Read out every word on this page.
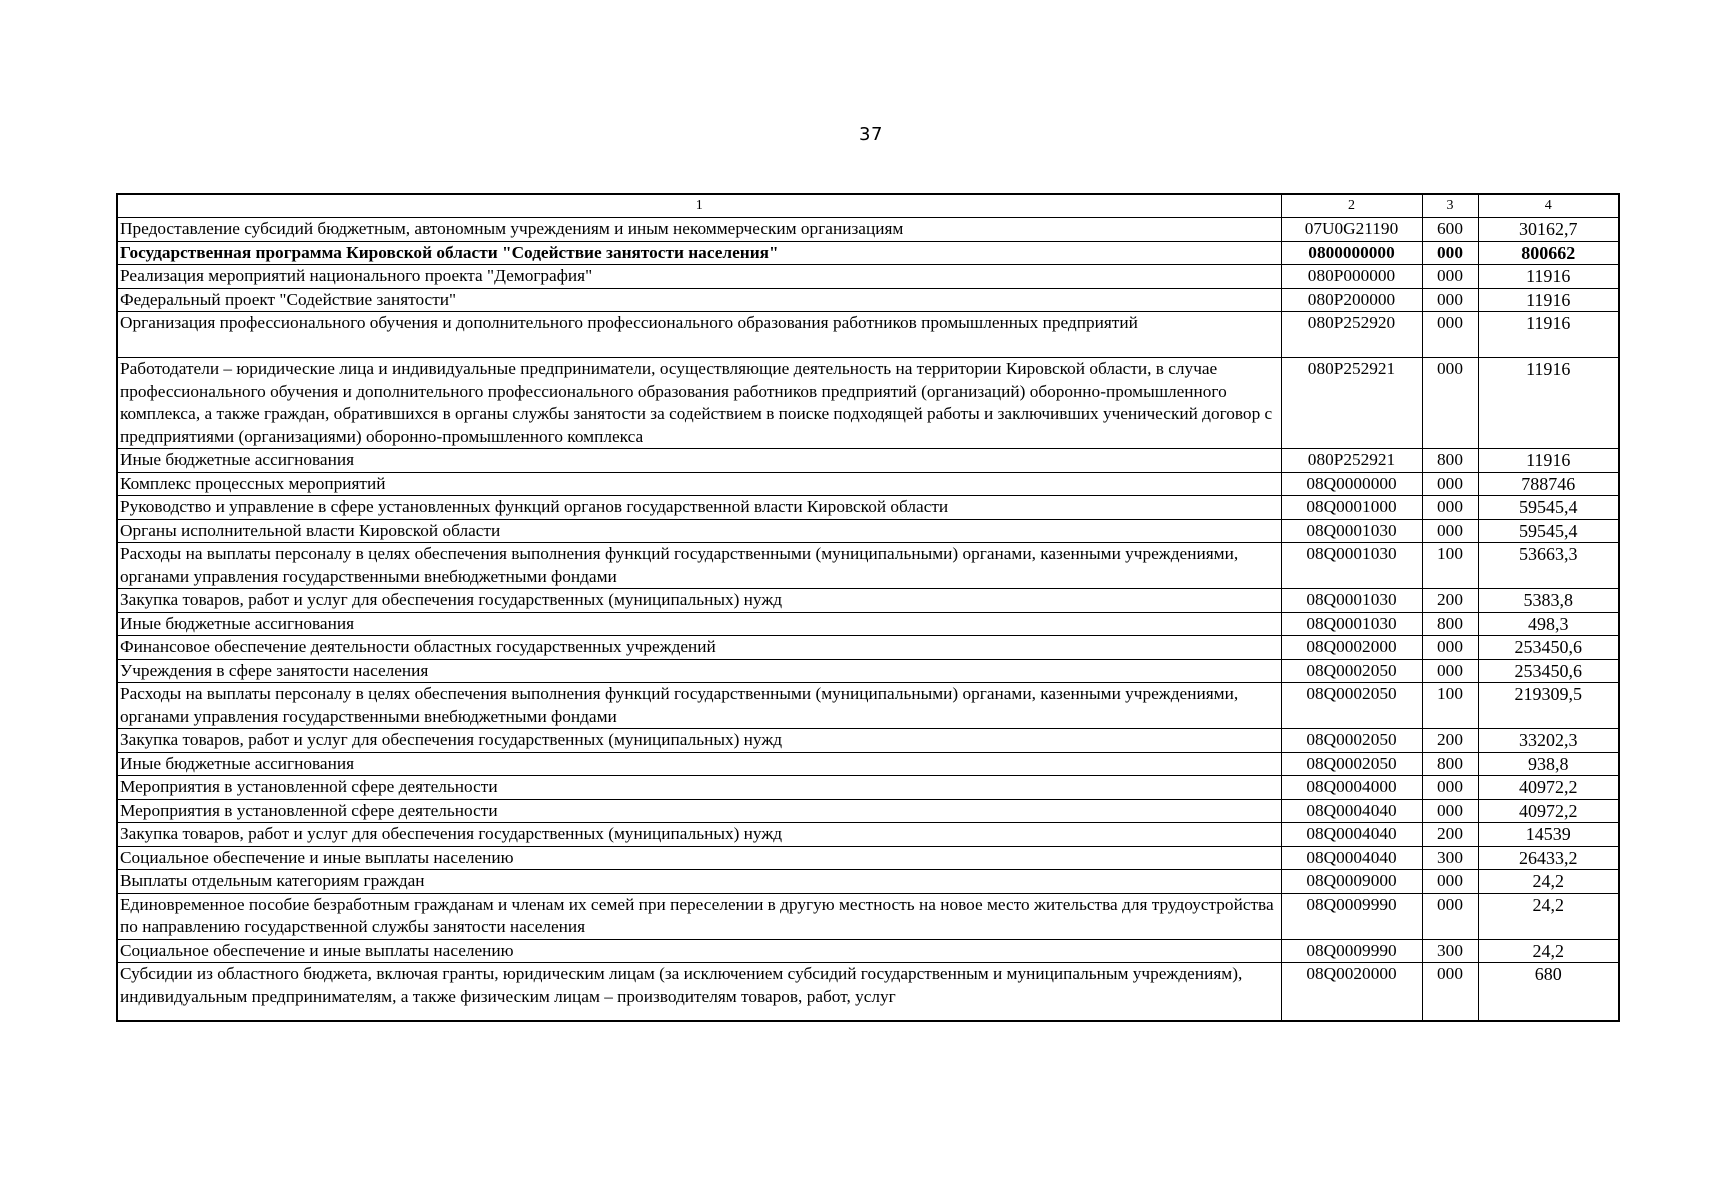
37
1	2	3	4
Предоставление субсидий бюджетным, автономным учреждениям и иным некоммерческим организациям	07U0G21190	600	30162,7
Государственная программа Кировской области "Содействие занятости населения"	0800000000	000	800662
Реализация мероприятий национального проекта "Демография"	080P000000	000	11916
Федеральный проект "Содействие занятости"	080P200000	000	11916
Организация профессионального обучения и дополнительного профессионального образования работников промышленных предприятий	080P252920	000	11916
Работодатели – юридические лица и индивидуальные предприниматели, осуществляющие деятельность на территории Кировской области, в случае профессионального обучения и дополнительного профессионального образования работников предприятий (организаций) оборонно-промышленного комплекса, а также граждан, обратившихся в органы службы занятости за содействием в поиске подходящей работы и заключивших ученический договор с предприятиями (организациями) оборонно-промышленного комплекса	080P252921	000	11916
Иные бюджетные ассигнования	080P252921	800	11916
Комплекс процессных мероприятий	08Q0000000	000	788746
Руководство и управление в сфере установленных функций органов государственной власти Кировской области	08Q0001000	000	59545,4
Органы исполнительной власти Кировской области	08Q0001030	000	59545,4
Расходы на выплаты персоналу в целях обеспечения выполнения функций государственными (муниципальными) органами, казенными учреждениями, органами управления государственными внебюджетными фондами	08Q0001030	100	53663,3
Закупка товаров, работ и услуг для обеспечения государственных (муниципальных) нужд	08Q0001030	200	5383,8
Иные бюджетные ассигнования	08Q0001030	800	498,3
Финансовое обеспечение деятельности областных государственных учреждений	08Q0002000	000	253450,6
Учреждения в сфере занятости населения	08Q0002050	000	253450,6
Расходы на выплаты персоналу в целях обеспечения выполнения функций государственными (муниципальными) органами, казенными учреждениями, органами управления государственными внебюджетными фондами	08Q0002050	100	219309,5
Закупка товаров, работ и услуг для обеспечения государственных (муниципальных) нужд	08Q0002050	200	33202,3
Иные бюджетные ассигнования	08Q0002050	800	938,8
Мероприятия в установленной сфере деятельности	08Q0004000	000	40972,2
Мероприятия в установленной сфере деятельности	08Q0004040	000	40972,2
Закупка товаров, работ и услуг для обеспечения государственных (муниципальных) нужд	08Q0004040	200	14539
Социальное обеспечение и иные выплаты населению	08Q0004040	300	26433,2
Выплаты отдельным категориям граждан	08Q0009000	000	24,2
Единовременное пособие безработным гражданам и членам их семей при переселении в другую местность на новое место жительства для трудоустройства по направлению государственной службы занятости населения	08Q0009990	000	24,2
Социальное обеспечение и иные выплаты населению	08Q0009990	300	24,2
Субсидии из областного бюджета, включая гранты, юридическим лицам (за исключением субсидий государственным и муниципальным учреждениям), индивидуальным предпринимателям, а также физическим лицам – производителям товаров, работ, услуг	08Q0020000	000	680
